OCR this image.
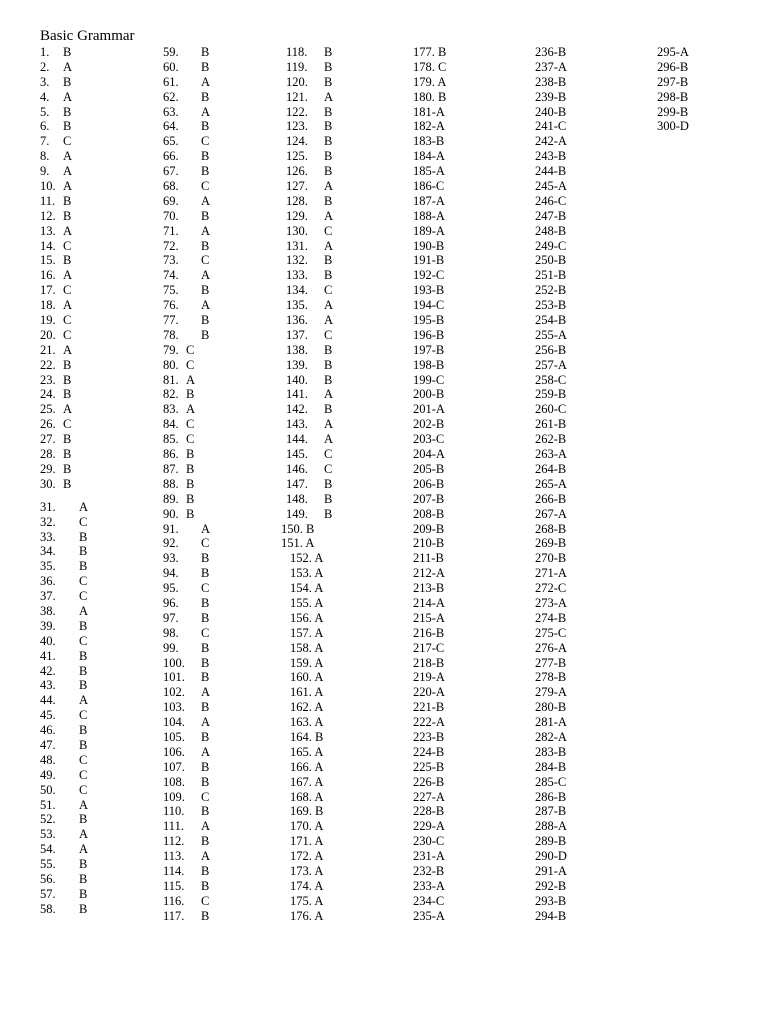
Basic Grammar
1. B
2. A
3. B
4. A
5. B
6. B
7. C
8. A
9. A
10. A
11. B
12. B
13. A
14. C
15. B
16. A
17. C
18. A
19. C
20. C
21. A
22. B
23. B
24. B
25. A
26. C
27. B
28. B
29. B
30. B
31. A
32. C
33. B
34. B
35. B
36. C
37. C
38. A
39. B
40. C
41. B
42. B
43. B
44. A
45. C
46. B
47. B
48. C
49. C
50. C
51. A
52. B
53. A
54. A
55. B
56. B
57. B
58. B
59. B
60. B
61. A
62. B
63. A
64. B
65. C
66. B
67. B
68. C
69. A
70. B
71. A
72. B
73. C
74. A
75. B
76. A
77. B
78. B
79. C
80. C
81. A
82. B
83. A
84. C
85. C
86. B
87. B
88. B
89. B
90. B
91. A
92. C
93. B
94. B
95. C
96. B
97. B
98. C
99. B
100. B
101. B
102. A
103. B
104. A
105. B
106. A
107. B
108. B
109. C
110. B
111. A
112. B
113. A
114. B
115. B
116. C
117. B
118. B
119. B
120. B
121. A
122. B
123. B
124. B
125. B
126. B
127. A
128. B
129. A
130. C
131. A
132. B
133. B
134. C
135. A
136. A
137. C
138. B
139. B
140. B
141. A
142. B
143. A
144. A
145. C
146. C
147. B
148. B
149. B
150. B
151. A
152. A
153. A
154. A
155. A
156. A
157. A
158. A
159. A
160. A
161. A
162. A
163. A
164. B
165. A
166. A
167. A
168. A
169. B
170. A
171. A
172. A
173. A
174. A
175. A
176. A
177. B
178. C
179. A
180. B
181-A
182-A
183-B
184-A
185-A
186-C
187-A
188-A
189-A
190-B
191-B
192-C
193-B
194-C
195-B
196-B
197-B
198-B
199-C
200-B
201-A
202-B
203-C
204-A
205-B
206-B
207-B
208-B
209-B
210-B
211-B
212-A
213-B
214-A
215-A
216-B
217-C
218-B
219-A
220-A
221-B
222-A
223-B
224-B
225-B
226-B
227-A
228-B
229-A
230-C
231-A
232-B
233-A
234-C
235-A
236-B
237-A
238-B
239-B
240-B
241-C
242-A
243-B
244-B
245-A
246-C
247-B
248-B
249-C
250-B
251-B
252-B
253-B
254-B
255-A
256-B
257-A
258-C
259-B
260-C
261-B
262-B
263-A
264-B
265-A
266-B
267-A
268-B
269-B
270-B
271-A
272-C
273-A
274-B
275-C
276-A
277-B
278-B
279-A
280-B
281-A
282-A
283-B
284-B
285-C
286-B
287-B
288-A
289-B
290-D
291-A
292-B
293-B
294-B
295-A
296-B
297-B
298-B
299-B
300-D
